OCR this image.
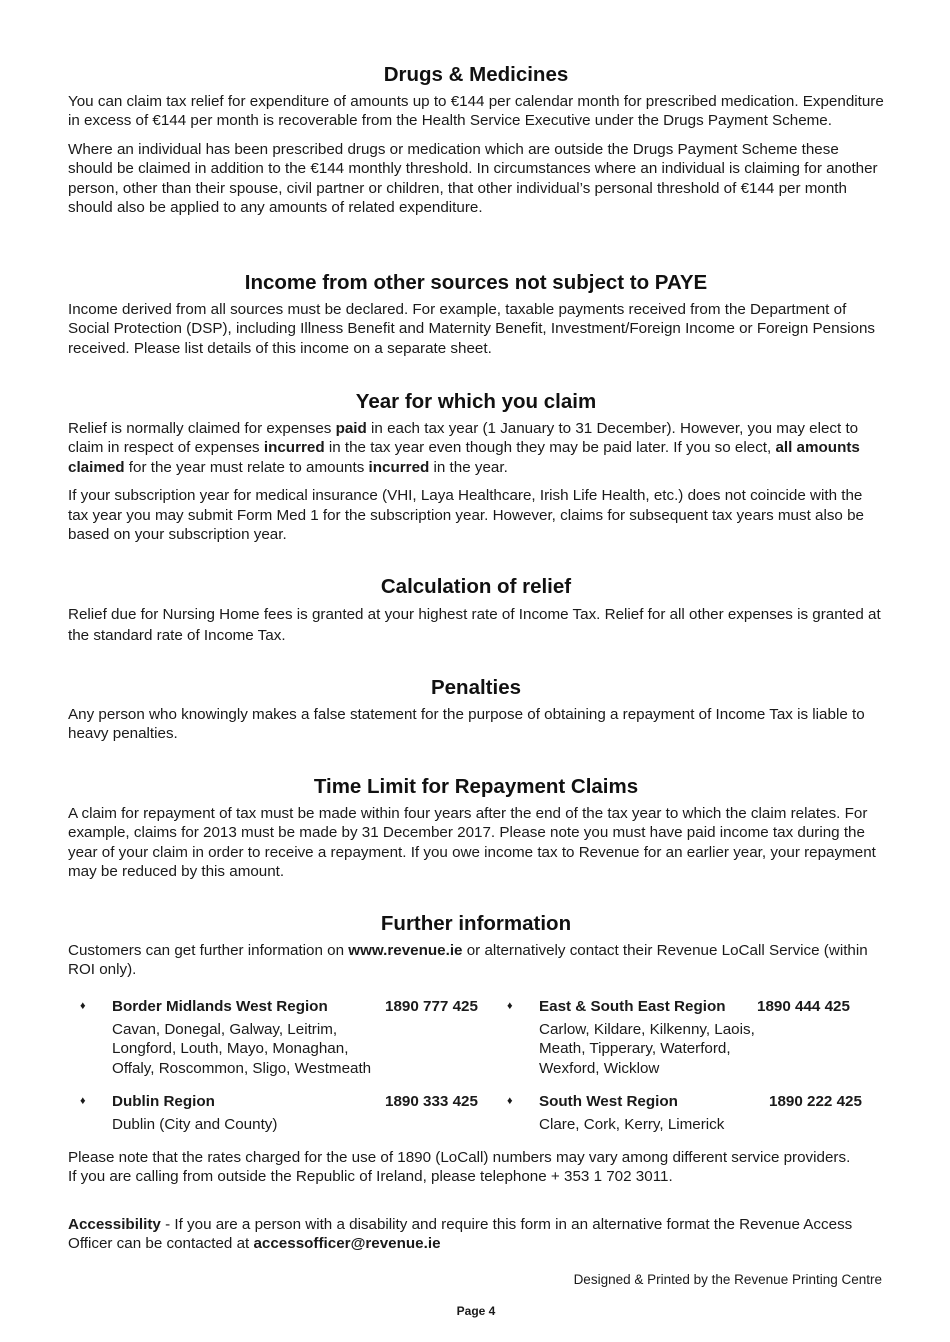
Drugs & Medicines

You can claim tax relief for expenditure of amounts up to €144 per calendar month for prescribed medication. Expenditure in excess of €144 per month is recoverable from the Health Service Executive under the Drugs Payment Scheme.

Where an individual has been prescribed drugs or medication which are outside the Drugs Payment Scheme these should be claimed in addition to the €144 monthly threshold. In circumstances where an individual is claiming for another person, other than their spouse, civil partner or children, that other individual’s personal threshold of €144 per month should also be applied to any amounts of related expenditure.

Income from other sources not subject to PAYE

Income derived from all sources must be declared. For example, taxable payments received from the Department of Social Protection (DSP), including Illness Benefit and Maternity Benefit, Investment/Foreign Income or Foreign Pensions received. Please list details of this income on a separate sheet.

Year for which you claim

Relief is normally claimed for expenses paid in each tax year (1 January to 31 December). However, you may elect to claim in respect of expenses incurred in the tax year even though they may be paid later. If you so elect, all amounts claimed for the year must relate to amounts incurred in the year.

If your subscription year for medical insurance (VHI, Laya Healthcare, Irish Life Health, etc.) does not coincide with the tax year you may submit Form Med 1 for the subscription year. However, claims for subsequent tax years must also be based on your subscription year.

Calculation of relief

Relief due for Nursing Home fees is granted at your highest rate of Income Tax. Relief for all other expenses is granted at the standard rate of Income Tax.

Penalties

Any person who knowingly makes a false statement for the purpose of obtaining a repayment of Income Tax is liable to heavy penalties.

Time Limit for Repayment Claims

A claim for repayment of tax must be made within four years after the end of the tax year to which the claim relates. For example, claims for 2013 must be made by 31 December 2017. Please note you must have paid income tax during the year of your claim in order to receive a repayment. If you owe income tax to Revenue for an earlier year, your repayment may be reduced by this amount.

Further information

Customers can get further information on www.revenue.ie or alternatively contact their Revenue LoCall Service (within ROI only).

♦ Border Midlands West Region	1890 777 425
Cavan, Donegal, Galway, Leitrim,
Longford, Louth, Mayo, Monaghan,
Offaly, Roscommon, Sligo, Westmeath
♦ East & South East Region 1890 444 425
Carlow, Kildare, Kilkenny, Laois,
Meath, Tipperary, Waterford,
Wexford, Wicklow
♦ Dublin Region	1890 333 425
Dublin (City and County)
♦ South West Region	1890 222 425
Clare, Cork, Kerry, Limerick

Please note that the rates charged for the use of 1890 (LoCall) numbers may vary among different service providers.

If you are calling from outside the Republic of Ireland, please telephone + 353 1 702 3011.

Accessibility - If you are a person with a disability and require this form in an alternative format the Revenue Access Officer can be contacted at accessofficer@revenue.ie

Designed & Printed by the Revenue Printing Centre
Page 4
